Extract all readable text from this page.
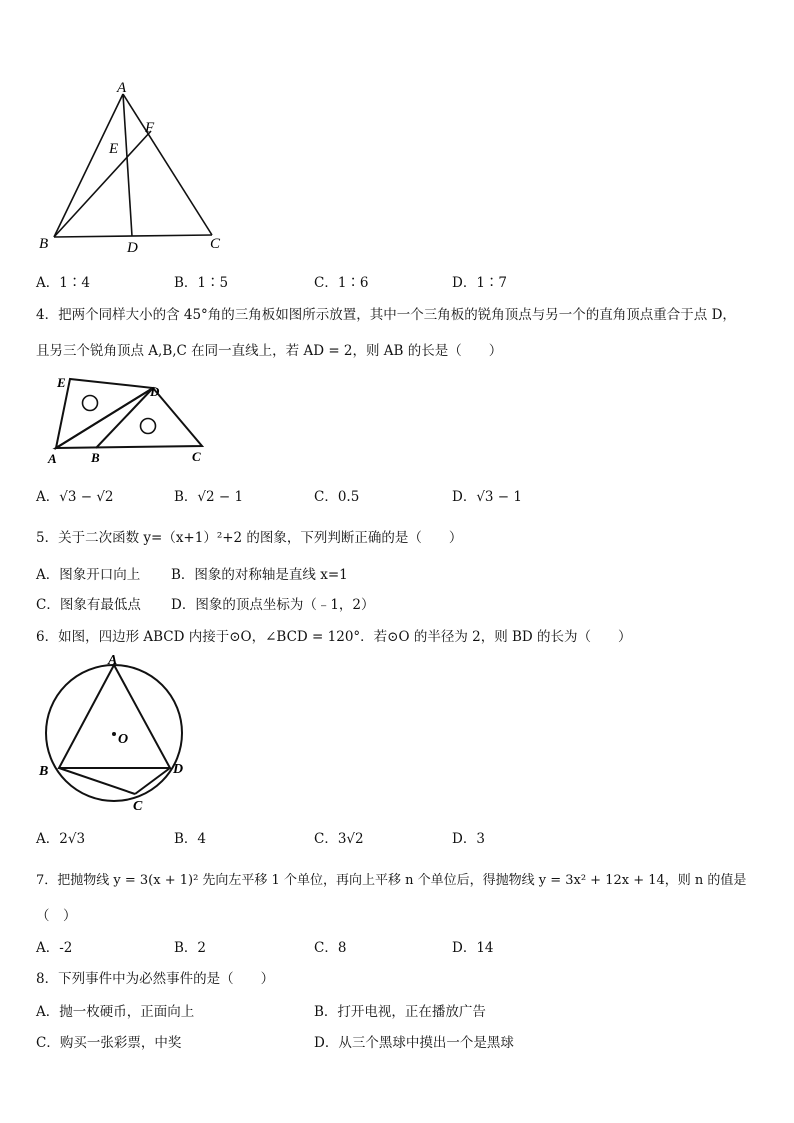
A
F
E
B	D	C
A．1∶4	B．1∶5	C．1∶6	D．1∶7
4．把两个同样大小的含 45°角的三角板如图所示放置，其中一个三角板的锐角顶点与另一个的直角顶点重合于点 D，
且另三个锐角顶点 A,B,C 在同一直线上，若 AD = 2，则 AB 的长是（　　）
E
D
A	B	C
A．√3 − √2	B．√2 − 1	C．0.5	D．√3 − 1
5．关于二次函数 y=（x+1）²+2 的图象，下列判断正确的是（　　）
A．图象开口向上 B．图象的对称轴是直线 x=1
C．图象有最低点 D．图象的顶点坐标为（﹣1，2）
6．如图，四边形 ABCD 内接于⊙O，∠BCD = 120°．若⊙O 的半径为 2，则 BD 的长为（　　）
A
O
B	D
C
A．2√3	B．4	C．3√2	D．3
7．把抛物线 y = 3(x + 1)² 先向左平移 1 个单位，再向上平移 n 个单位后，得抛物线 y = 3x² + 12x + 14，则 n 的值是
（　）
A．-2	B．2	C．8	D．14
8．下列事件中为必然事件的是（　　）
A．抛一枚硬币，正面向上	B．打开电视，正在播放广告
C．购买一张彩票，中奖	D．从三个黑球中摸出一个是黑球
